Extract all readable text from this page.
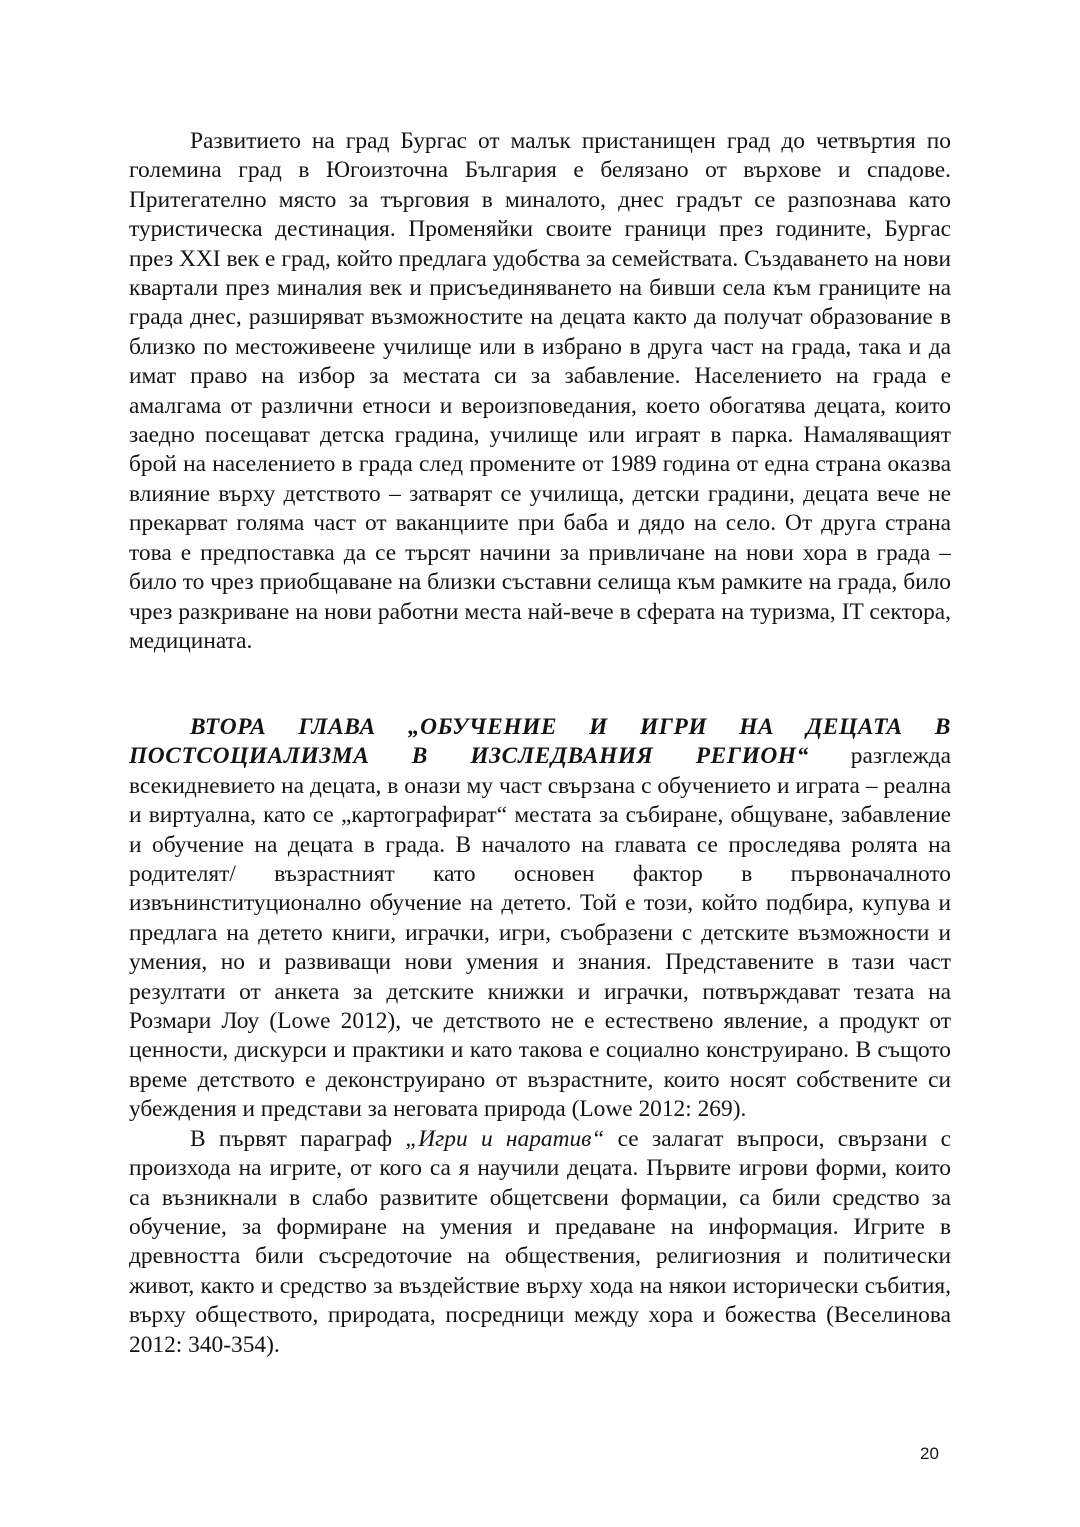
Развитието на град Бургас от малък пристанищен град до четвъртия по големина град в Югоизточна България е белязано от върхове и спадове. Притегателно място за търговия в миналото, днес градът се разпознава като туристическа дестинация. Променяйки своите граници през годините, Бургас през XXI век е град, който предлага удобства за семействата. Създаването на нови квартали през миналия век и присъединяването на бивши села към границите на града днес, разширяват възможностите на децата както да получат образование в близко по местоживеене училище или в избрано в друга част на града, така и да имат право на избор за местата си за забавление. Населението на града е амалгама от различни етноси и вероизповедания, което обогатява децата, които заедно посещават детска градина, училище или играят в парка. Намаляващият брой на населението в града след промените от 1989 година от една страна оказва влияние върху детството – затварят се училища, детски градини, децата вече не прекарват голяма част от ваканциите при баба и дядо на село. От друга страна това е предпоставка да се търсят начини за привличане на нови хора в града – било то чрез приобщаване на близки съставни селища към рамките на града, било чрез разкриване на нови работни места най-вече в сферата на туризма, IT сектора, медицината.

ВТОРА ГЛАВА „ОБУЧЕНИЕ И ИГРИ НА ДЕЦАТА В ПОСТСОЦИАЛИЗМА В ИЗСЛЕДВАНИЯ РЕГИОН“ разглежда всекидневието на децата, в онази му част свързана с обучението и играта – реална и виртуална, като се „картографират“ местата за събиране, общуване, забавление и обучение на децата в града. В началото на главата се проследява ролята на родителят/ възрастният като основен фактор в първоначалното извънинституционално обучение на детето. Той е този, който подбира, купува и предлага на детето книги, играчки, игри, съобразени с детските възможности и умения, но и развиващи нови умения и знания. Представените в тази част резултати от анкета за детските книжки и играчки, потвърждават тезата на Розмари Лоу (Lowe 2012), че детството не е естествено явление, а продукт от ценности, дискурси и практики и като такова е социално конструирано. В същото време детството е деконструирано от възрастните, които носят собствените си убеждения и представи за неговата природа (Lowe 2012: 269).

В първят параграф „Игри и наратив“ се залагат въпроси, свързани с произхода на игрите, от кого са я научили децата. Първите игрови форми, които са възникнали в слабо развитите общетсвени формации, са били средство за обучение, за формиране на умения и предаване на информация. Игрите в древността били съсредоточие на обществения, религиозния и политически живот, както и средство за въздействие върху хода на някои исторически събития, върху обществото, природата, посредници между хора и божества (Веселинова 2012: 340-354).

20
